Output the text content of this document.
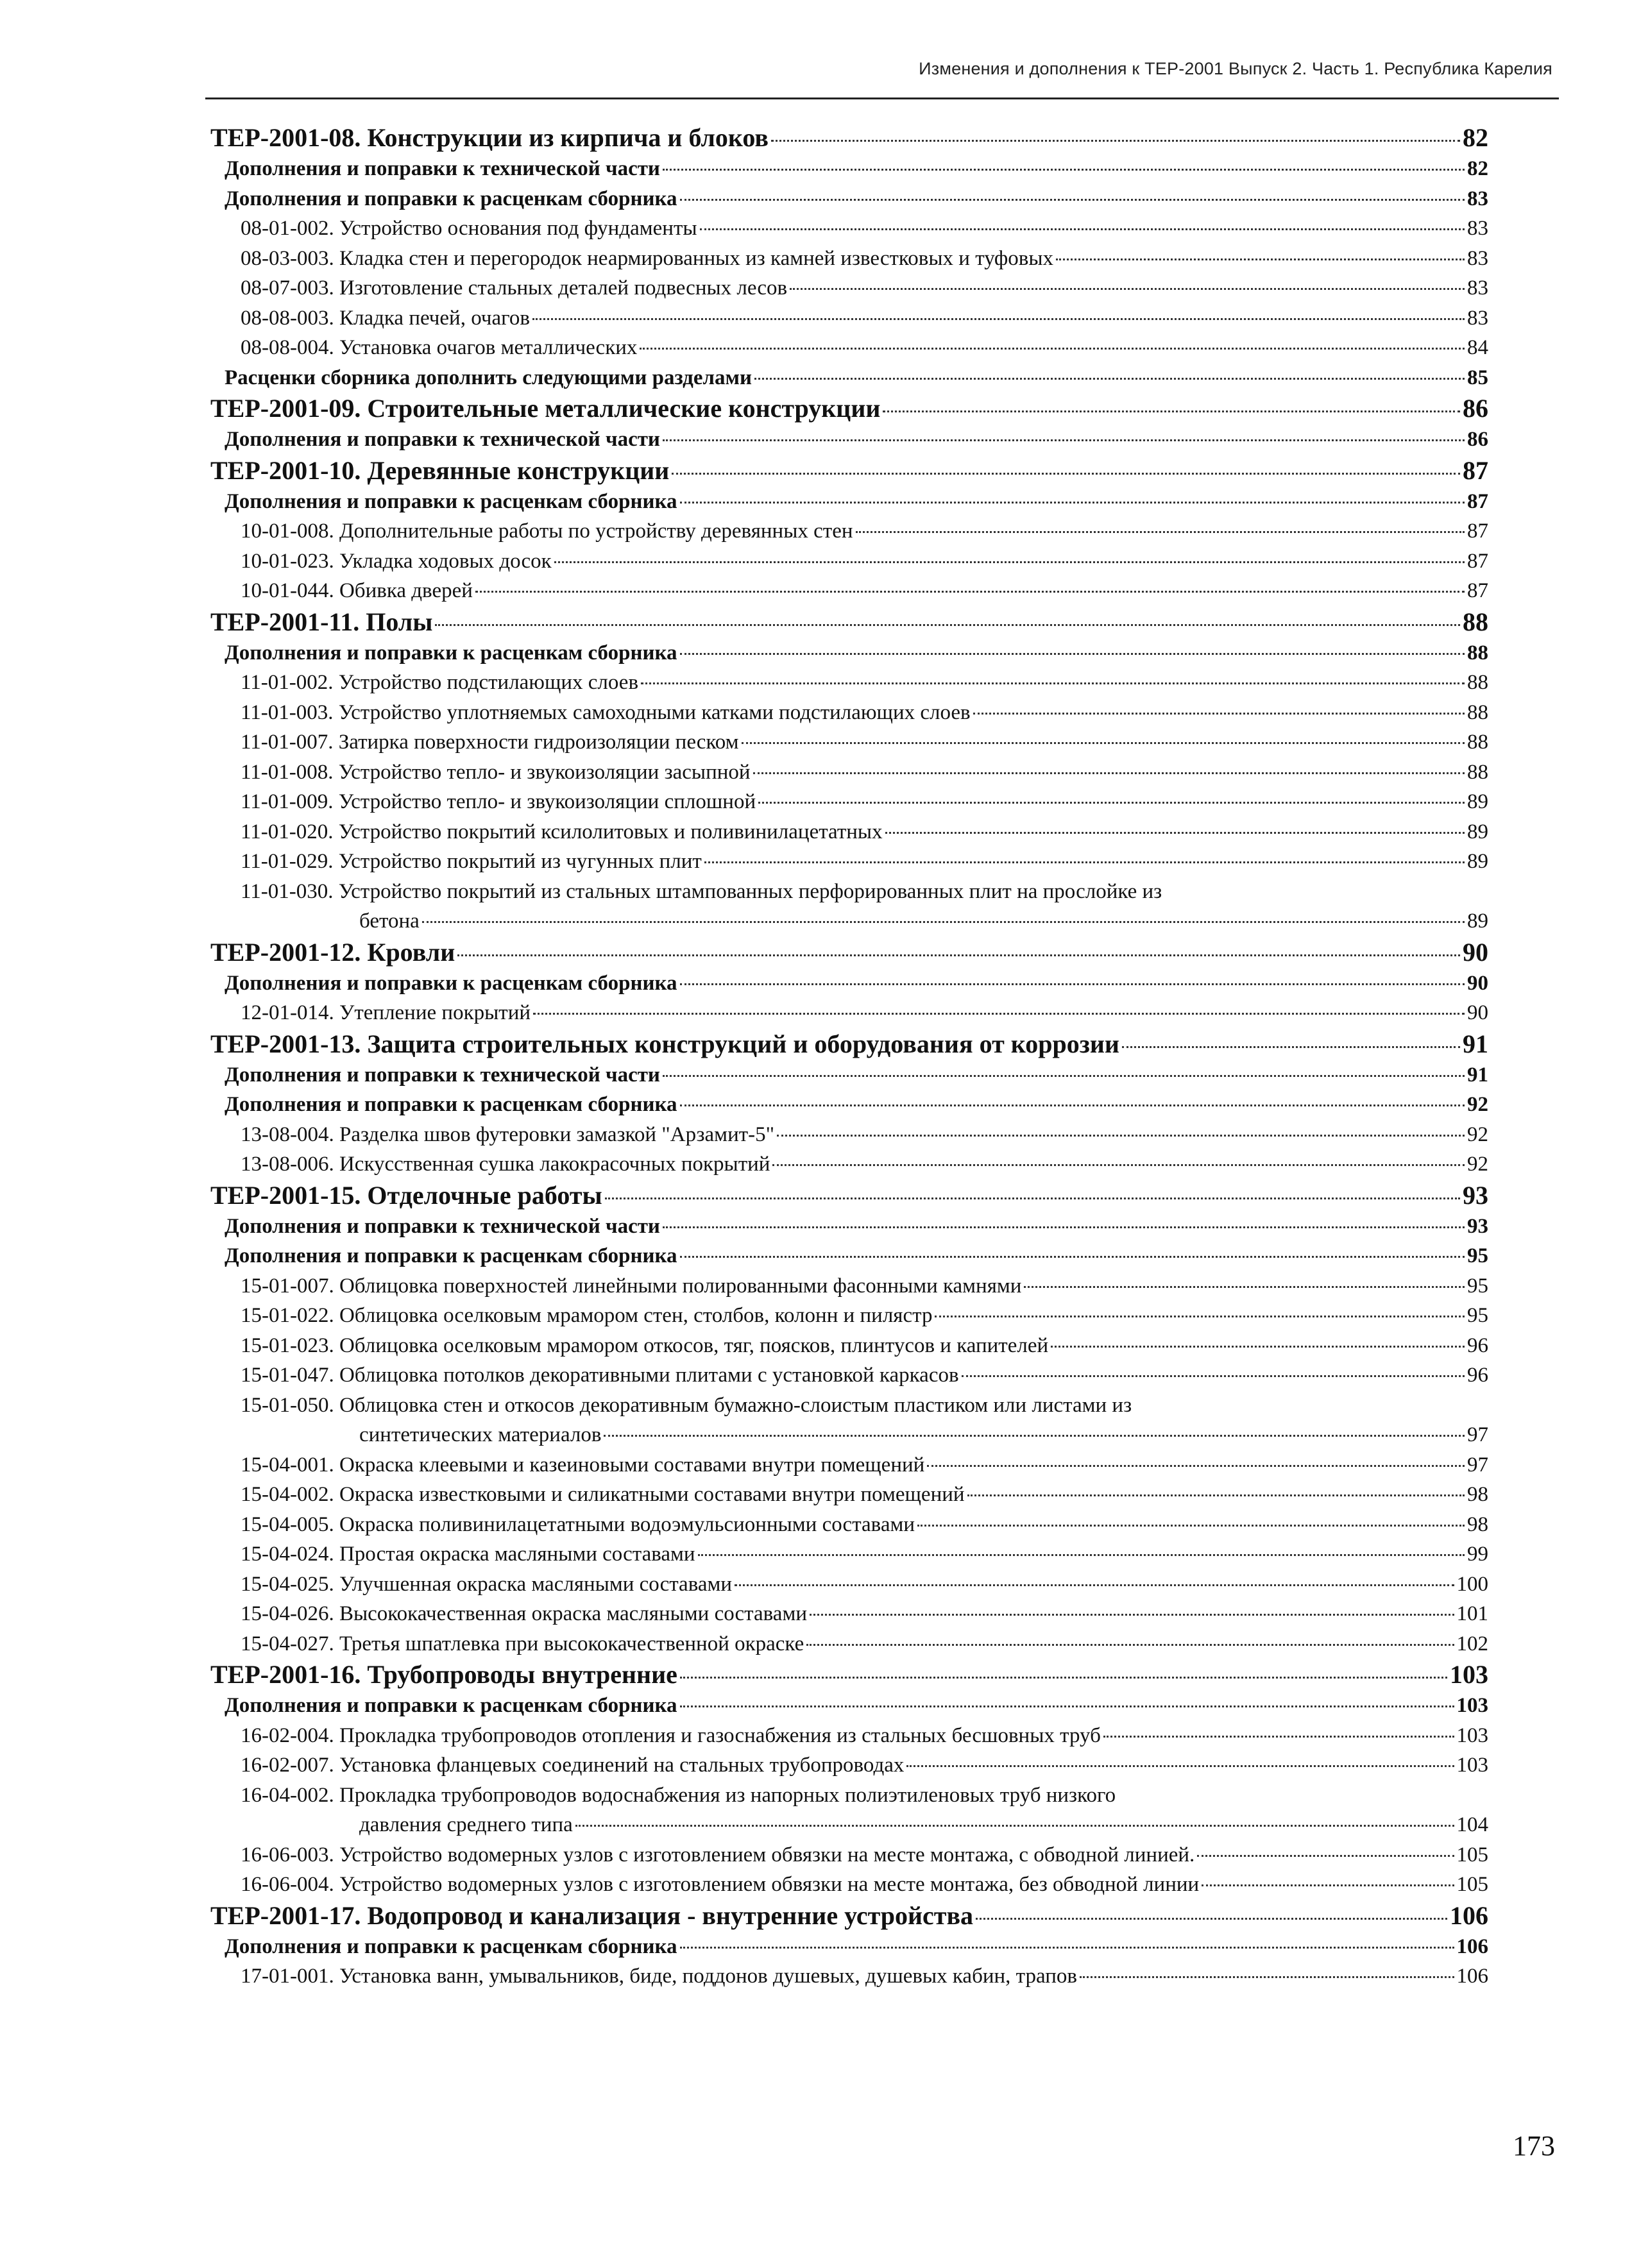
Изменения и дополнения к ТЕР-2001 Выпуск 2. Часть 1. Республика Карелия
ТЕР-2001-08. Конструкции из кирпича и блоков	82
Дополнения и поправки к технической части	82
Дополнения и поправки к расценкам сборника	83
08-01-002. Устройство основания под фундаменты	83
08-03-003. Кладка стен и перегородок неармированных из камней известковых и туфовых	83
08-07-003. Изготовление стальных деталей подвесных лесов	83
08-08-003. Кладка печей, очагов	83
08-08-004. Установка очагов металлических	84
Расценки сборника дополнить следующими разделами	85
ТЕР-2001-09. Строительные металлические конструкции	86
Дополнения и поправки к технической части	86
ТЕР-2001-10. Деревянные конструкции	87
Дополнения и поправки к расценкам сборника	87
10-01-008. Дополнительные работы по устройству деревянных стен	87
10-01-023. Укладка ходовых досок	87
10-01-044. Обивка дверей	87
ТЕР-2001-11. Полы	88
Дополнения и поправки к расценкам сборника	88
11-01-002. Устройство подстилающих слоев	88
11-01-003. Устройство уплотняемых самоходными катками подстилающих слоев	88
11-01-007. Затирка поверхности гидроизоляции песком	88
11-01-008. Устройство тепло- и звукоизоляции засыпной	88
11-01-009. Устройство тепло- и звукоизоляции сплошной	89
11-01-020. Устройство покрытий ксилолитовых и поливинилацетатных	89
11-01-029. Устройство покрытий из чугунных плит	89
11-01-030. Устройство покрытий из стальных штампованных перфорированных плит на прослойке из
бетона	89
ТЕР-2001-12. Кровли	90
Дополнения и поправки к расценкам сборника	90
12-01-014. Утепление покрытий	90
ТЕР-2001-13. Защита строительных конструкций и оборудования от коррозии	91
Дополнения и поправки к технической части	91
Дополнения и поправки к расценкам сборника	92
13-08-004. Разделка швов футеровки замазкой "Арзамит-5"	92
13-08-006. Искусственная сушка лакокрасочных покрытий	92
ТЕР-2001-15. Отделочные работы	93
Дополнения и поправки к технической части	93
Дополнения и поправки к расценкам сборника	95
15-01-007. Облицовка поверхностей линейными полированными фасонными камнями	95
15-01-022. Облицовка оселковым мрамором стен, столбов, колонн и пилястр	95
15-01-023. Облицовка оселковым мрамором откосов, тяг, поясков, плинтусов и капителей	96
15-01-047. Облицовка потолков декоративными плитами с установкой каркасов	96
15-01-050. Облицовка стен и откосов декоративным бумажно-слоистым пластиком или листами из
синтетических материалов	97
15-04-001. Окраска клеевыми и казеиновыми составами внутри помещений	97
15-04-002. Окраска известковыми и силикатными составами внутри помещений	98
15-04-005. Окраска поливинилацетатными водоэмульсионными составами	98
15-04-024. Простая окраска масляными составами	99
15-04-025. Улучшенная окраска масляными составами	100
15-04-026. Высококачественная окраска масляными составами	101
15-04-027. Третья шпатлевка при высококачественной окраске	102
ТЕР-2001-16. Трубопроводы внутренние	103
Дополнения и поправки к расценкам сборника	103
16-02-004. Прокладка трубопроводов отопления и газоснабжения из стальных бесшовных труб	103
16-02-007. Установка фланцевых соединений на стальных трубопроводах	103
16-04-002. Прокладка трубопроводов водоснабжения из напорных полиэтиленовых труб низкого
давления среднего типа	104
16-06-003. Устройство водомерных узлов с изготовлением обвязки на месте монтажа, с обводной линией.	105
16-06-004. Устройство водомерных узлов с изготовлением обвязки на месте монтажа, без обводной линии	105
ТЕР-2001-17. Водопровод и канализация - внутренние устройства	106
Дополнения и поправки к расценкам сборника	106
17-01-001. Установка ванн, умывальников, биде, поддонов душевых, душевых кабин, трапов	106
173
